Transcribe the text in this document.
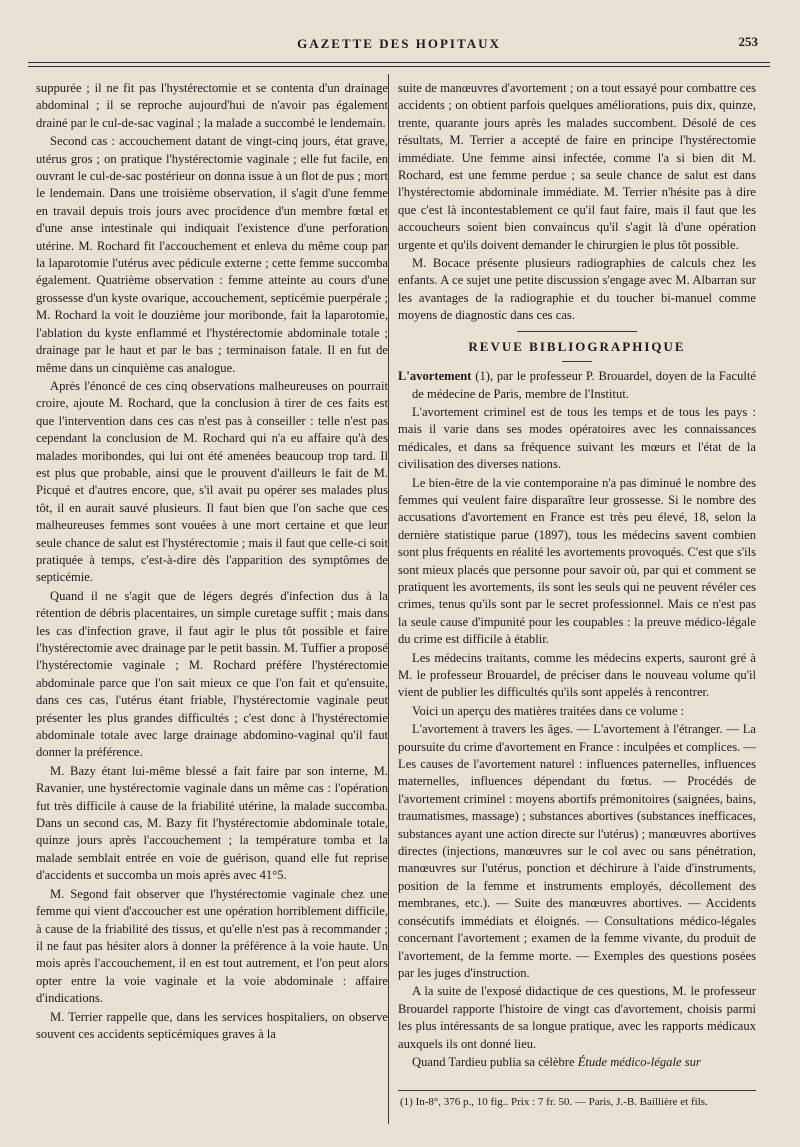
GAZETTE DES HOPITAUX	253

suppurée ; il ne fit pas l'hystérectomie et se contenta d'un drainage abdominal ; il se reproche aujourd'hui de n'avoir pas également drainé par le cul-de-sac vaginal ; la malade a succombé le lendemain.

Second cas : accouchement datant de vingt-cinq jours, état grave, utérus gros ; on pratique l'hystérectomie vaginale ; elle fut facile, en ouvrant le cul-de-sac postérieur on donna issue à un flot de pus ; mort le lendemain. Dans une troisième observation, il s'agit d'une femme en travail depuis trois jours avec procidence d'un membre fœtal et d'une anse intestinale qui indiquait l'existence d'une perforation utérine. M. Rochard fit l'accouchement et enleva du même coup par la laparotomie l'utérus avec pédicule externe ; cette femme succomba également. Quatrième observation : femme atteinte au cours d'une grossesse d'un kyste ovarique, accouchement, septicémie puerpérale ; M. Rochard la voit le douzième jour moribonde, fait la laparotomie, l'ablation du kyste enflammé et l'hystérectomie abdominale totale ; drainage par le haut et par le bas ; terminaison fatale. Il en fut de même dans un cinquième cas analogue.

Après l'énoncé de ces cinq observations malheureuses on pourrait croire, ajoute M. Rochard, que la conclusion à tirer de ces faits est que l'intervention dans ces cas n'est pas à conseiller : telle n'est pas cependant la conclusion de M. Rochard qui n'a eu affaire qu'à des malades moribondes, qui lui ont été amenées beaucoup trop tard. Il est plus que probable, ainsi que le prouvent d'ailleurs le fait de M. Picqué et d'autres encore, que, s'il avait pu opérer ses malades plus tôt, il en aurait sauvé plusieurs. Il faut bien que l'on sache que ces malheureuses femmes sont vouées à une mort certaine et que leur seule chance de salut est l'hystérectomie ; mais il faut que celle-ci soit pratiquée à temps, c'est-à-dire dès l'apparition des symptômes de septicémie.

Quand il ne s'agit que de légers degrés d'infection dus à la rétention de débris placentaires, un simple curetage suffit ; mais dans les cas d'infection grave, il faut agir le plus tôt possible et faire l'hystérectomie avec drainage par le petit bassin. M. Tuffier a proposé l'hystérectomie vaginale ; M. Rochard préfère l'hystérectomie abdominale parce que l'on sait mieux ce que l'on fait et qu'ensuite, dans ces cas, l'utérus étant friable, l'hystérectomie vaginale peut présenter les plus grandes difficultés ; c'est donc à l'hystérectomie abdominale totale avec large drainage abdomino-vaginal qu'il faut donner la préférence.

M. Bazy étant lui-même blessé a fait faire par son interne, M. Ravanier, une hystérectomie vaginale dans un même cas : l'opération fut très difficile à cause de la friabilité utérine, la malade succomba. Dans un second cas, M. Bazy fit l'hystérectomie abdominale totale, quinze jours après l'accouchement ; la température tomba et la malade semblait entrée en voie de guérison, quand elle fut reprise d'accidents et succomba un mois après avec 41°5.

M. Segond fait observer que l'hystérectomie vaginale chez une femme qui vient d'accoucher est une opération horriblement difficile, à cause de la friabilité des tissus, et qu'elle n'est pas à recommander ; il ne faut pas hésiter alors à donner la préférence à la voie haute. Un mois après l'accouchement, il en est tout autrement, et l'on peut alors opter entre la voie vaginale et la voie abdominale : affaire d'indications.

M. Terrier rappelle que, dans les services hospitaliers, on observe souvent ces accidents septicémiques graves à la

suite de manœuvres d'avortement ; on a tout essayé pour combattre ces accidents ; on obtient parfois quelques améliorations, puis dix, quinze, trente, quarante jours après les malades succombent. Désolé de ces résultats, M. Terrier a accepté de faire en principe l'hystérectomie immédiate. Une femme ainsi infectée, comme l'a si bien dit M. Rochard, est une femme perdue ; sa seule chance de salut est dans l'hystérectomie abdominale immédiate. M. Terrier n'hésite pas à dire que c'est là incontestablement ce qu'il faut faire, mais il faut que les accoucheurs soient bien convaincus qu'il s'agit là d'une opération urgente et qu'ils doivent demander le chirurgien le plus tôt possible.

M. Bocace présente plusieurs radiographies de calculs chez les enfants. A ce sujet une petite discussion s'engage avec M. Albarran sur les avantages de la radiographie et du toucher bi-manuel comme moyens de diagnostic dans ces cas.

REVUE BIBLIOGRAPHIQUE

L'avortement (1), par le professeur P. Brouardel, doyen de la Faculté de médecine de Paris, membre de l'Institut.

L'avortement criminel est de tous les temps et de tous les pays : mais il varie dans ses modes opératoires avec les connaissances médicales, et dans sa fréquence suivant les mœurs et l'état de la civilisation des diverses nations.

Le bien-être de la vie contemporaine n'a pas diminué le nombre des femmes qui veulent faire disparaître leur grossesse. Si le nombre des accusations d'avortement en France est très peu élevé, 18, selon la dernière statistique parue (1897), tous les médecins savent combien sont plus fréquents en réalité les avortements provoqués. C'est que s'ils sont mieux placés que personne pour savoir où, par qui et comment se pratiquent les avortements, ils sont les seuls qui ne peuvent révéler ces crimes, tenus qu'ils sont par le secret professionnel. Mais ce n'est pas la seule cause d'impunité pour les coupables : la preuve médico-légale du crime est difficile à établir.

Les médecins traitants, comme les médecins experts, sauront gré à M. le professeur Brouardel, de préciser dans le nouveau volume qu'il vient de publier les difficultés qu'ils sont appelés à rencontrer.

Voici un aperçu des matières traitées dans ce volume :

L'avortement à travers les âges. — L'avortement à l'étranger. — La poursuite du crime d'avortement en France : inculpées et complices. — Les causes de l'avortement naturel : influences paternelles, influences maternelles, influences dépendant du fœtus. — Procédés de l'avortement criminel : moyens abortifs prémonitoires (saignées, bains, traumatismes, massage) ; substances abortives (substances inefficaces, substances ayant une action directe sur l'utérus) ; manœuvres abortives directes (injections, manœuvres sur le col avec ou sans pénétration, manœuvres sur l'utérus, ponction et déchirure à l'aide d'instruments, position de la femme et instruments employés, décollement des membranes, etc.). — Suite des manœuvres abortives. — Accidents consécutifs immédiats et éloignés. — Consultations médico-légales concernant l'avortement ; examen de la femme vivante, du produit de l'avortement, de la femme morte. — Exemples des questions posées par les juges d'instruction.

A la suite de l'exposé didactique de ces questions, M. le professeur Brouardel rapporte l'histoire de vingt cas d'avortement, choisis parmi les plus intéressants de sa longue pratique, avec les rapports médicaux auxquels ils ont donné lieu.

Quand Tardieu publia sa célèbre Étude médico-légale sur

(1) In-8°, 376 p., 10 fig.. Prix : 7 fr. 50. — Paris, J.-B. Baillière et fils.
